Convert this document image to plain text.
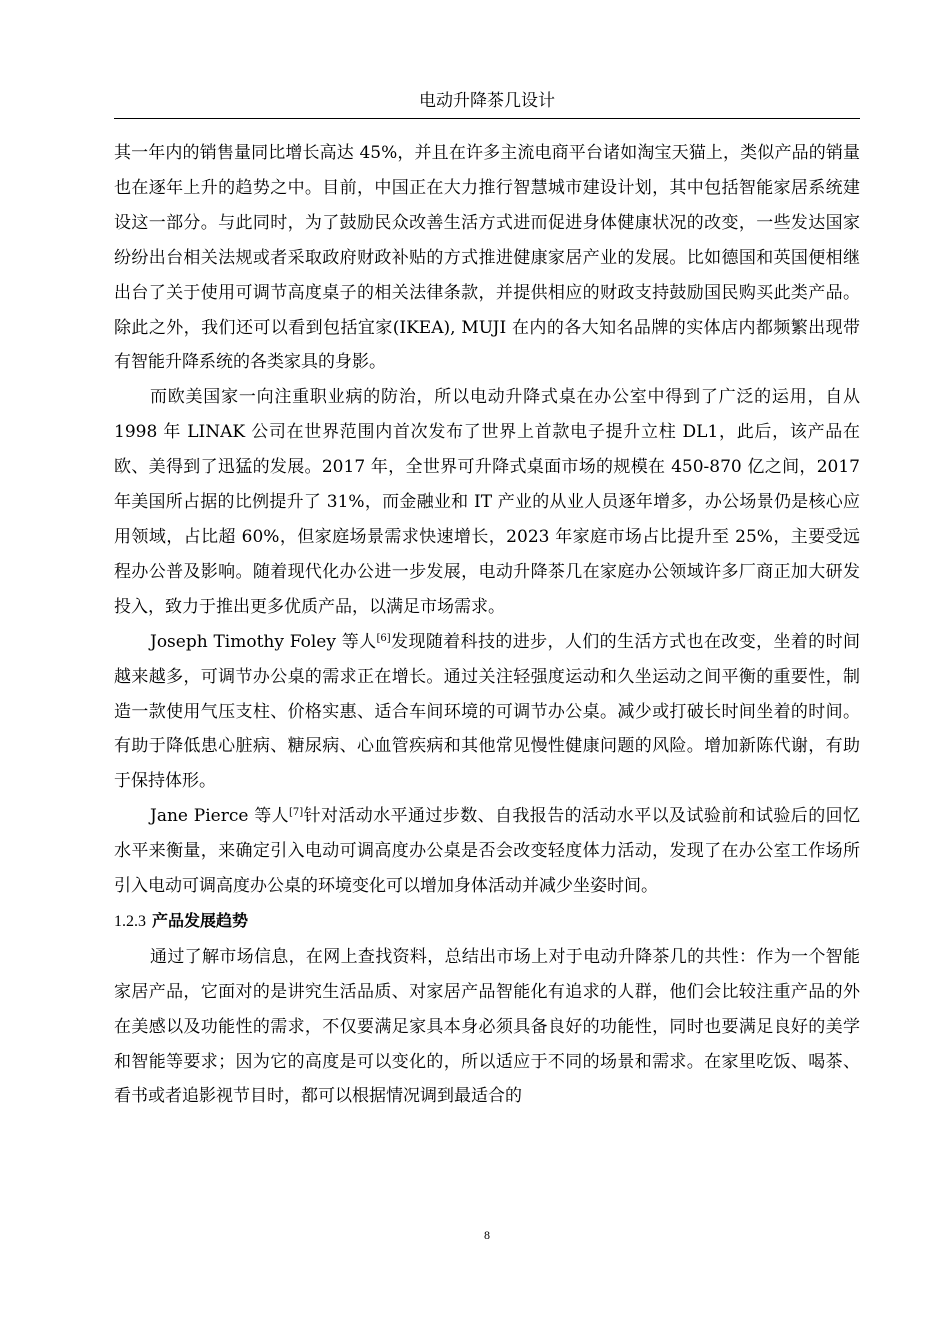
电动升降茶几设计

其一年内的销售量同比增长高达 45%，并且在许多主流电商平台诸如淘宝天猫上，类似产品的销量也在逐年上升的趋势之中。目前，中国正在大力推行智慧城市建设计划，其中包括智能家居系统建设这一部分。与此同时，为了鼓励民众改善生活方式进而促进身体健康状况的改变，一些发达国家纷纷出台相关法规或者采取政府财政补贴的方式推进健康家居产业的发展。比如德国和英国便相继出台了关于使用可调节高度桌子的相关法律条款，并提供相应的财政支持鼓励国民购买此类产品。除此之外，我们还可以看到包括宜家(IKEA), MUJI 在内的各大知名品牌的实体店内都频繁出现带有智能升降系统的各类家具的身影。

而欧美国家一向注重职业病的防治，所以电动升降式桌在办公室中得到了广泛的运用，自从 1998 年 LINAK 公司在世界范围内首次发布了世界上首款电子提升立柱 DL1，此后，该产品在欧、美得到了迅猛的发展。2017 年，全世界可升降式桌面市场的规模在 450-870 亿之间，2017 年美国所占据的比例提升了 31%，而金融业和 IT 产业的从业人员逐年增多，办公场景仍是核心应用领域，占比超 60%，但家庭场景需求快速增长，2023 年家庭市场占比提升至 25%，主要受远程办公普及影响。随着现代化办公进一步发展，电动升降茶几在家庭办公领域许多厂商正加大研发投入，致力于推出更多优质产品，以满足市场需求。

Joseph Timothy Foley 等人[6]发现随着科技的进步，人们的生活方式也在改变，坐着的时间越来越多，可调节办公桌的需求正在增长。通过关注轻强度运动和久坐运动之间平衡的重要性，制造一款使用气压支柱、价格实惠、适合车间环境的可调节办公桌。减少或打破长时间坐着的时间。有助于降低患心脏病、糖尿病、心血管疾病和其他常见慢性健康问题的风险。增加新陈代谢，有助于保持体形。

Jane Pierce 等人[7]针对活动水平通过步数、自我报告的活动水平以及试验前和试验后的回忆水平来衡量，来确定引入电动可调高度办公桌是否会改变轻度体力活动，发现了在办公室工作场所引入电动可调高度办公桌的环境变化可以增加身体活动并减少坐姿时间。

1.2.3 产品发展趋势

通过了解市场信息，在网上查找资料，总结出市场上对于电动升降茶几的共性：作为一个智能家居产品，它面对的是讲究生活品质、对家居产品智能化有追求的人群，他们会比较注重产品的外在美感以及功能性的需求，不仅要满足家具本身必须具备良好的功能性，同时也要满足良好的美学和智能等要求；因为它的高度是可以变化的，所以适应于不同的场景和需求。在家里吃饭、喝茶、看书或者追影视节目时，都可以根据情况调到最适合的

8
